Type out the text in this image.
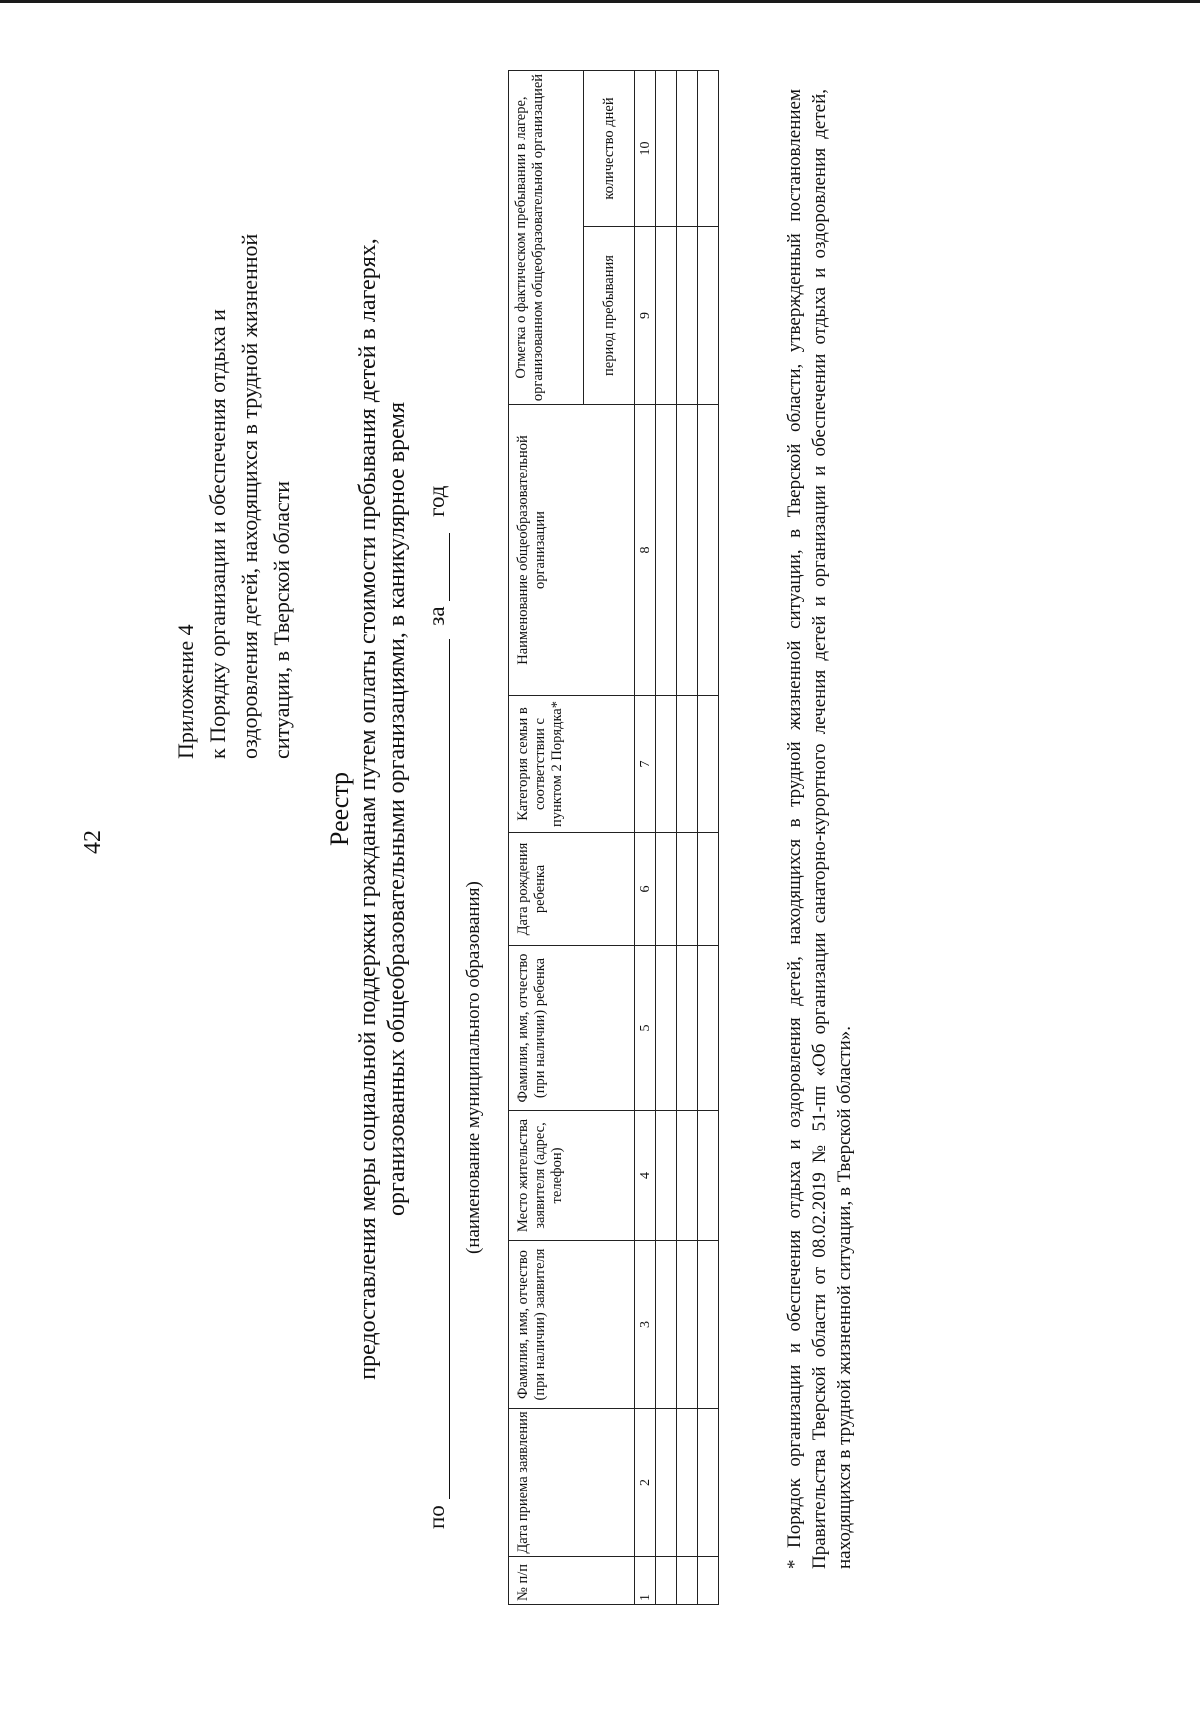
42
Приложение 4 к Порядку организации и обеспечения отдыха и оздоровления детей, находящихся в трудной жизненной ситуации, в Тверской области
Реестр предоставления меры социальной поддержки гражданам путем оплаты стоимости пребывания детей в лагерях, организованных общеобразовательными организациями, в каникулярное время
по   за   год
(наименование муниципального образования)
№ п/п	Дата приема заявления	Фамилия, имя, отчество (при наличии) заявителя	Место жительства заявителя (адрес, телефон)	Фамилия, имя, отчество (при наличии) ребенка	Дата рождения ребенка	Категория семьи в соответствии с пунктом 2 Порядка*	Наименование общеобразовательной организации	Отметка о фактическом пребывании в лагере, организованном общеобразовательной организацией	
								период пребывания	количество дней
1	2	3	4	5	6	7	8	9	10

										* Порядок организации и обеспечения отдыха и оздоровления детей, находящихся в трудной жизненной ситуации, в Тверской области, утвержденный постановлением Правительства Тверской области от 08.02.2019 № 51-пп «Об организации санаторно-курортного лечения детей и организации и обеспечении отдыха и оздоровления детей, находящихся в трудной жизненной ситуации, в Тверской области».
